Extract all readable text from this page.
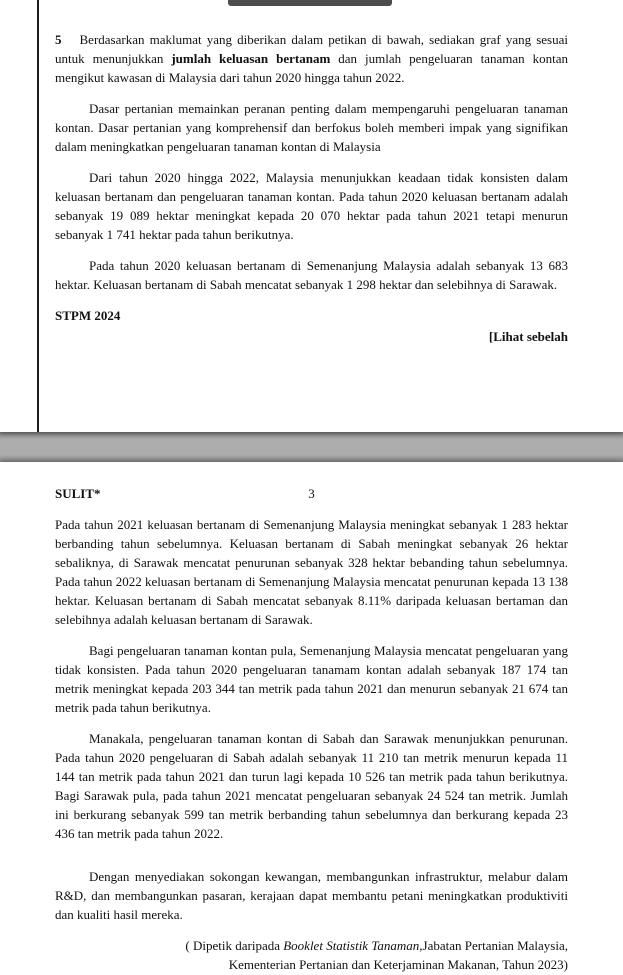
5 Berdasarkan maklumat yang diberikan dalam petikan di bawah, sediakan graf yang sesuai untuk menunjukkan jumlah keluasan bertanam dan jumlah pengeluaran tanaman kontan mengikut kawasan di Malaysia dari tahun 2020 hingga tahun 2022.

Dasar pertanian memainkan peranan penting dalam mempengaruhi pengeluaran tanaman kontan. Dasar pertanian yang komprehensif dan berfokus boleh memberi impak yang signifikan dalam meningkatkan pengeluaran tanaman kontan di Malaysia

Dari tahun 2020 hingga 2022, Malaysia menunjukkan keadaan tidak konsisten dalam keluasan bertanam dan pengeluaran tanaman kontan. Pada tahun 2020 keluasan bertanam adalah sebanyak 19 089 hektar meningkat kepada 20 070 hektar pada tahun 2021 tetapi menurun sebanyak 1 741 hektar pada tahun berikutnya.

Pada tahun 2020 keluasan bertanam di Semenanjung Malaysia adalah sebanyak 13 683 hektar. Keluasan bertanam di Sabah mencatat sebanyak 1 298 hektar dan selebihnya di Sarawak.

STPM 2024

[Lihat sebelah

SULIT*	3

Pada tahun 2021 keluasan bertanam di Semenanjung Malaysia meningkat sebanyak 1 283 hektar berbanding tahun sebelumnya. Keluasan bertanam di Sabah meningkat sebanyak 26 hektar sebaliknya, di Sarawak mencatat penurunan sebanyak 328 hektar bebanding tahun sebelumnya. Pada tahun 2022 keluasan bertanam di Semenanjung Malaysia mencatat penurunan kepada 13 138 hektar. Keluasan bertanam di Sabah mencatat sebanyak 8.11% daripada keluasan bertaman dan selebihnya adalah keluasan bertanam di Sarawak.

Bagi pengeluaran tanaman kontan pula, Semenanjung Malaysia mencatat pengeluaran yang tidak konsisten. Pada tahun 2020 pengeluaran tanamam kontan adalah sebanyak 187 174 tan metrik meningkat kepada 203 344 tan metrik pada tahun 2021 dan menurun sebanyak 21 674 tan metrik pada tahun berikutnya.

Manakala, pengeluaran tanaman kontan di Sabah dan Sarawak menunjukkan penurunan. Pada tahun 2020 pengeluaran di Sabah adalah sebanyak 11 210 tan metrik menurun kepada 11 144 tan metrik pada tahun 2021 dan turun lagi kepada 10 526 tan metrik pada tahun berikutnya. Bagi Sarawak pula, pada tahun 2021 mencatat pengeluaran sebanyak 24 524 tan metrik. Jumlah ini berkurang sebanyak 599 tan metrik berbanding tahun sebelumnya dan berkurang kepada 23 436 tan metrik pada tahun 2022.

Dengan menyediakan sokongan kewangan, membangunkan infrastruktur, melabur dalam R&D, dan membangunkan pasaran, kerajaan dapat membantu petani meningkatkan produktiviti dan kualiti hasil mereka.

( Dipetik daripada Booklet Statistik Tanaman,Jabatan Pertanian Malaysia,
Kementerian Pertanian dan Keterjaminan Makanan, Tahun 2023)
